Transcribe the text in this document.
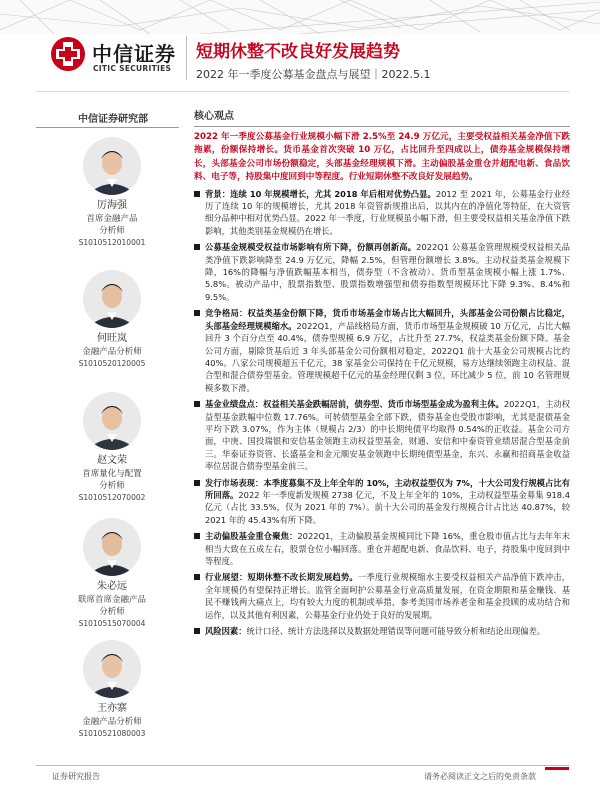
中信证券
CITIC SECURITIES
短期休整不改良好发展趋势
2022 年一季度公募基金盘点与展望｜2022.5.1
中信证券研究部
厉海强
首席金融产品
分析师
S1010512010001
何旺岚
金融产品分析师
S1010520120005
赵文荣
首席量化与配置
分析师
S1010512070002
朱必远
联席首席金融产品
分析师
S1010515070004
王亦寨
金融产品分析师
S1010521080003
核心观点
2022 年一季度公募基金行业规模小幅下滑 2.5%至 24.9 万亿元，主要受权益相关基金净值下跌拖累，份额保持增长。货币基金首次突破 10 万亿，占比回升至四成以上，债券基金规模保持增长，头部基金公司市场份额稳定，头部基金经理规模下滑。主动偏股基金重仓并超配电新、食品饮料、电子等，持股集中度回到中等程度。行业短期休整不改良好发展趋势。
背景：连续 10 年规模增长，尤其 2018 年后相对优势凸显。2012 至 2021 年，公募基金行业经历了连续 10 年的规模增长，尤其 2018 年资管新规推出后，以其内在的净值化等特征，在大资管细分品种中相对优势凸显。2022 年一季度，行业规模虽小幅下滑，但主要受权益相关基金净值下跌影响，其他类别基金规模仍在增长。
公募基金规模受权益市场影响有所下降，份额再创新高。2022Q1 公募基金管理规模受权益相关品类净值下跌影响降至 24.9 万亿元，降幅 2.5%，但管理份额增长 3.8%。主动权益类基金规模下降，16%的降幅与净值跌幅基本相当，债券型（不含被动）、货币型基金规模小幅上涨 1.7%、5.8%。被动产品中，股票指数型、股票指数增强型和债券指数型规模环比下降 9.3%、8.4%和 9.5%。
竞争格局：权益类基金份额下降，货币市场基金市场占比大幅回升，头部基金公司份额占比稳定，头部基金经理规模缩水。2022Q1，产品线格局方面，货币市场型基金规模破 10 万亿元，占比大幅回升 3 个百分点至 40.4%，债券型规模 6.9 万亿，占比升至 27.7%，权益类基金份额下降。基金公司方面，剔除货基后近 3 年头部基金公司份额相对稳定，2022Q1 前十大基金公司规模占比约 40%。八家公司规模超五千亿元，38 家基金公司保持在千亿元规模，易方达继续领跑主动权益、混合型和混合债券型基金。管理规模超千亿元的基金经理仅剩 3 位，环比减少 5 位，前 10 名管理规模多数下滑。
基金业绩盘点：权益相关基金跌幅居前，债券型、货币市场型基金成为盈利主体。2022Q1，主动权益型基金跌幅中位数 17.76%。可转债型基金全部下跌，债券基金也受股市影响，尤其是混债基金平均下跌 3.07%，作为主体（规模占 2/3）的中长期纯债平均取得 0.54%的正收益。基金公司方面，中庚、国投瑞银和安信基金领跑主动权益型基金，财通、安信和中泰资管业绩居混合型基金前三。华泰证券资管、长盛基金和金元顺安基金领跑中长期纯债型基金，东兴、永赢和招商基金收益率位居混合债券型基金前三。
发行市场表现：本季度募集不及上年全年的 10%，主动权益型仅为 7%，十大公司发行规模占比有所回落。2022 年一季度新发规模 2738 亿元，不及上年全年的 10%，主动权益型基金募集 918.4 亿元（占比 33.5%，仅为 2021 年的 7%）。前十大公司的基金发行规模合计占比达 40.87%，较 2021 年的 45.43%有所下降。
主动偏股基金重仓聚焦：2022Q1，主动偏股基金规模同比下降 16%，重仓股市值占比与去年年末相当大致在五成左右，股票仓位小幅回落。重仓并超配电新、食品饮料、电子，持股集中度回到中等程度。
行业展望：短期休整不改长期发展趋势。一季度行业规模缩水主要受权益相关产品净值下跌冲击，全年规模仍有望保持正增长。监管全面呵护公募基金行业高质量发展，在资金期限和基金赚钱、基民不赚钱两大痛点上，均有较大力度的机制或举措，参考美国市场养老金和基金投顾的成功结合和运作，以及其他有利因素，公募基金行业仍处于良好的发展期。
风险因素：统计口径、统计方法选择以及数据处理错误等问题可能导致分析和结论出现偏差。
证券研究报告	请务必阅读正文之后的免责条款
